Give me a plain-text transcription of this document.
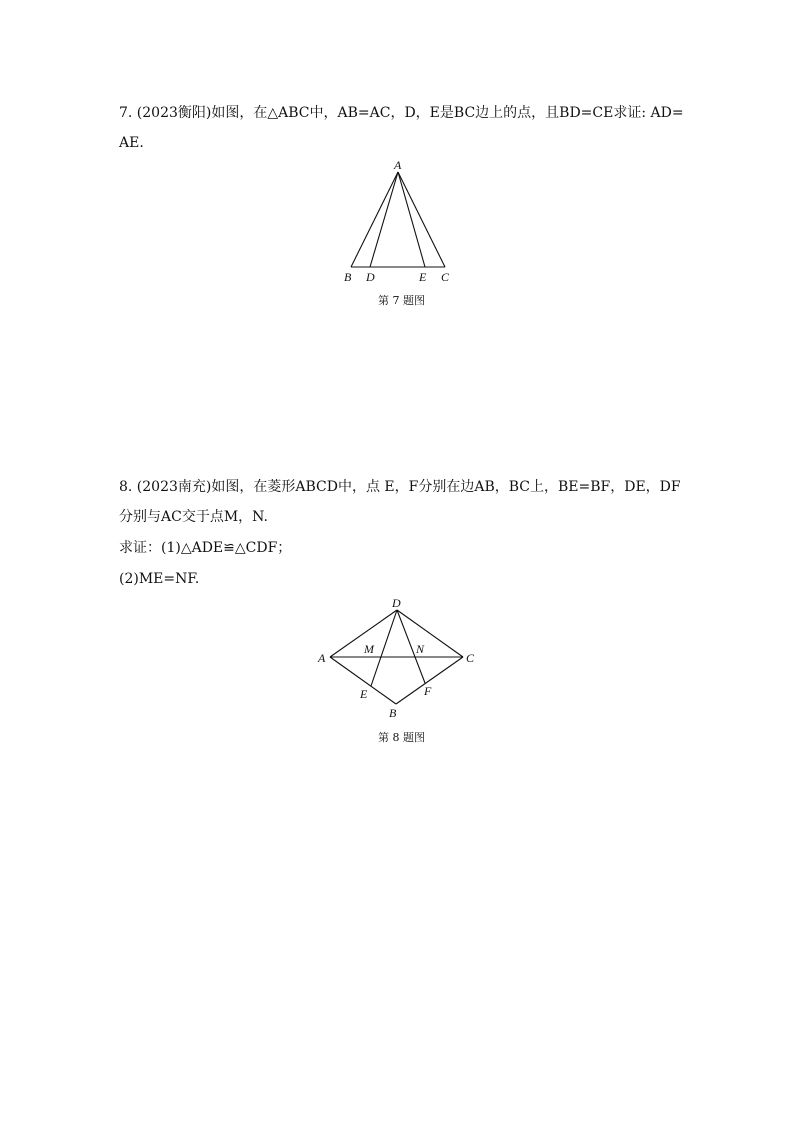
7. (2023衡阳)如图，在△ABC中，AB=AC，D，E是BC边上的点，且BD=CE求证: AD=
AE.
A
B D	E C
第 7 题图
8. (2023南充)如图，在菱形ABCD中，点 E，F分别在边AB，BC上，BE=BF，DE，DF
分别与AC交于点M，N.
求证：(1)△ADE≌△CDF；
(2)ME=NF.
D
A	C
M	N
E	F
B
第 8 题图
